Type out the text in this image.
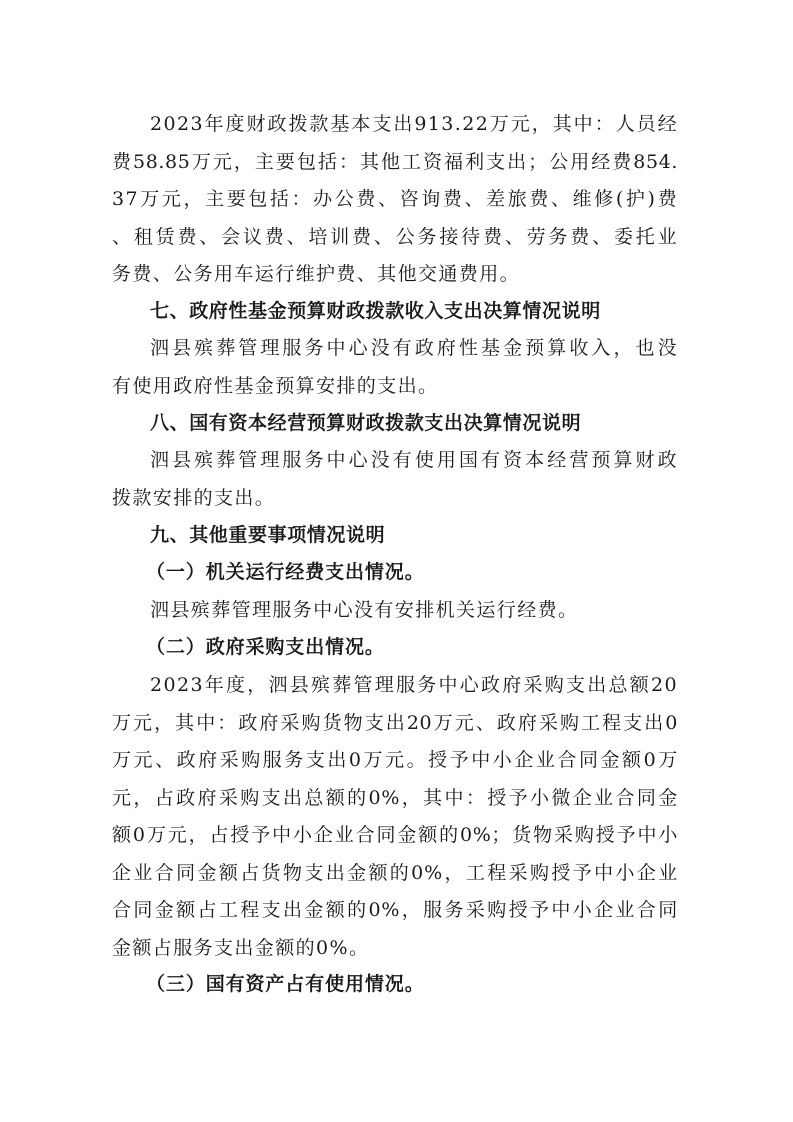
2023年度财政拨款基本支出913.22万元，其中：人员经
费58.85万元，主要包括：其他工资福利支出；公用经费854.
37万元，主要包括：办公费、咨询费、差旅费、维修(护)费
、租赁费、会议费、培训费、公务接待费、劳务费、委托业
务费、公务用车运行维护费、其他交通费用。
七、政府性基金预算财政拨款收入支出决算情况说明
泗县殡葬管理服务中心没有政府性基金预算收入，也没
有使用政府性基金预算安排的支出。
八、国有资本经营预算财政拨款支出决算情况说明
泗县殡葬管理服务中心没有使用国有资本经营预算财政
拨款安排的支出。
九、其他重要事项情况说明
（一）机关运行经费支出情况。
泗县殡葬管理服务中心没有安排机关运行经费。
（二）政府采购支出情况。
2023年度，泗县殡葬管理服务中心政府采购支出总额20
万元，其中：政府采购货物支出20万元、政府采购工程支出0
万元、政府采购服务支出0万元。授予中小企业合同金额0万
元，占政府采购支出总额的0%，其中：授予小微企业合同金
额0万元，占授予中小企业合同金额的0%；货物采购授予中小
企业合同金额占货物支出金额的0%，工程采购授予中小企业
合同金额占工程支出金额的0%，服务采购授予中小企业合同
金额占服务支出金额的0%。
（三）国有资产占有使用情况。
